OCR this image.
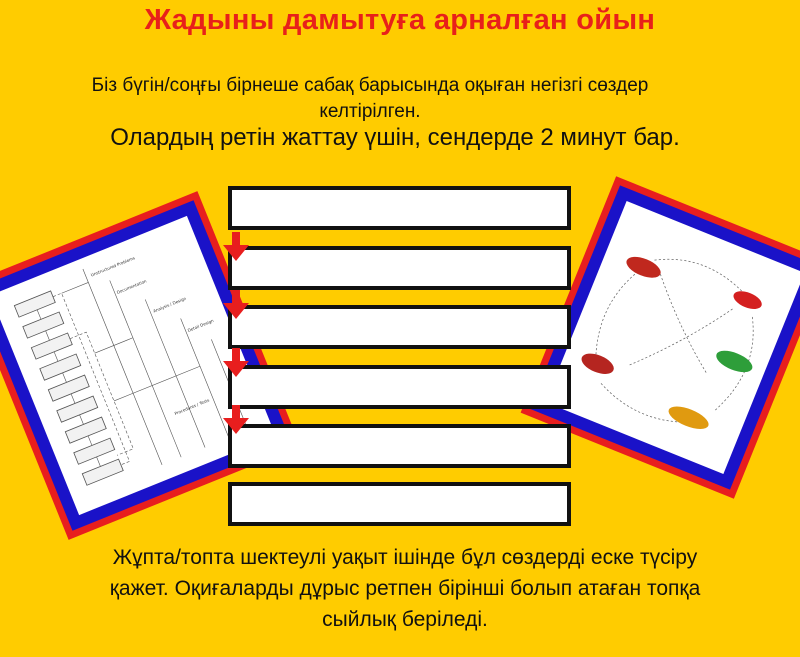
Жадыны дамытуға арналған ойын
Біз бүгін/соңғы бірнеше сабақ барысында оқыған негізгі сөздер
келтірілген.
Олардың ретін жаттау үшін, сендерде 2 минут бар.
Unstructured Problems
Documentation
Analysis / Design
Detail Design
Procedures / Tests
Жұпта/топта шектеулі уақыт ішінде бұл сөздерді еске түсіру
қажет. Оқиғаларды дұрыс ретпен бірінші болып атаған топқа
сыйлық беріледі.
